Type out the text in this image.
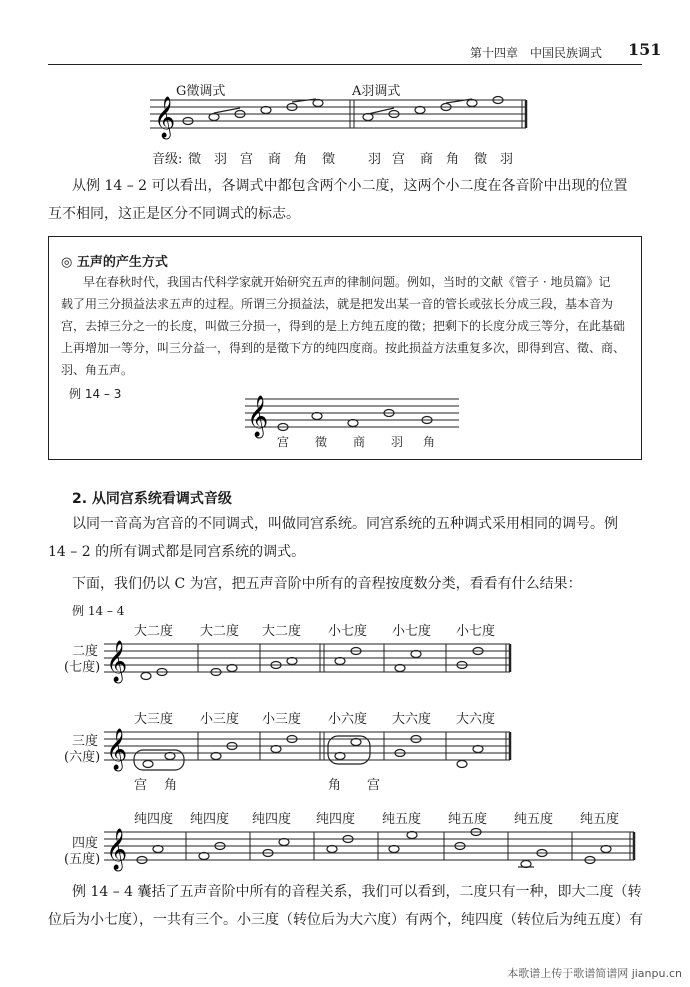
第十四章　中国民族调式 151
G徵调式	A羽调式
𝄞
音级: 徵 羽 宫 商 角 徵	羽 宫 商 角 徵 羽
从例 14 – 2 可以看出，各调式中都包含两个小二度，这两个小二度在各音阶中出现的位置
互不相同，这正是区分不同调式的标志。
◎ 五声的产生方式
早在春秋时代，我国古代科学家就开始研究五声的律制问题。例如，当时的文献《管子 · 地员篇》记
载了用三分损益法求五声的过程。所谓三分损益法，就是把发出某一音的管长或弦长分成三段，基本音为
宫，去掉三分之一的长度，叫做三分损一，得到的是上方纯五度的徵；把剩下的长度分成三等分，在此基础
上再增加一等分，叫三分益一，得到的是徵下方的纯四度商。按此损益方法重复多次，即得到宫、徵、商、
羽、角五声。
例 14 – 3
𝄞
宫 徵 商 羽 角
2. 从同宫系统看调式音级
以同一音高为宫音的不同调式，叫做同宫系统。同宫系统的五种调式采用相同的调号。例
14 – 2 的所有调式都是同宫系统的调式。
下面，我们仍以 C 为宫，把五声音阶中所有的音程按度数分类，看看有什么结果：
例 14 – 4
大二度 大二度 大二度 小七度 小七度 小七度
二度
(七度) 𝄞
大三度 小三度 小三度 小六度 大六度 大六度
三度
(六度) 𝄞
宫　 角	角　　宫
纯四度 纯四度 纯四度 纯四度 纯五度 纯五度 纯五度 纯五度
四度
(五度) 𝄞
例 14 – 4 囊括了五声音阶中所有的音程关系，我们可以看到，二度只有一种，即大二度（转
位后为小七度），一共有三个。小三度（转位后为大六度）有两个，纯四度（转位后为纯五度）有
本歌谱上传于歌谱简谱网 jianpu.cn
